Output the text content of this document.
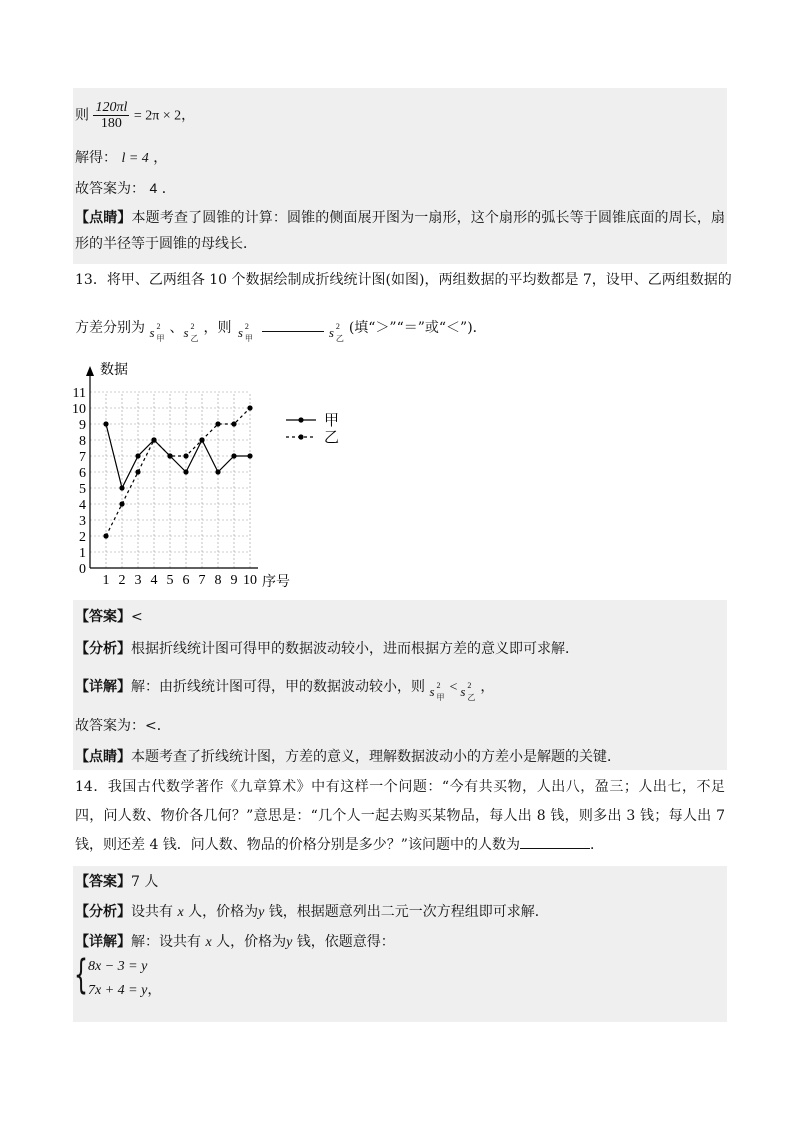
则 $\frac{120\pi l}{180} = 2\pi \times 2$，
解得： l = 4 ，
故答案为： 4 ．
【点睛】本题考查了圆锥的计算：圆锥的侧面展开图为一扇形，这个扇形的弧长等于圆锥底面的周长，扇形的半径等于圆锥的母线长．
13．将甲、乙两组各 10 个数据绘制成折线统计图(如图)，两组数据的平均数都是 7，设甲、乙两组数据的
方差分别为 s 2
甲
、 s 2
乙
，则 s 2
甲
	s 2
乙
(填“＞”“＝”或“＜”)．
0
1
2
3
4
5
6
7
8
9
10
11
1 2 3 4 5 6 7 8 9 10
甲
乙
数据
序号
【答案】<
【分析】根据折线统计图可得甲的数据波动较小，进而根据方差的意义即可求解．
【详解】解：由折线统计图可得，甲的数据波动较小，则 s 2
甲
< s 2
乙
，
故答案为：<．
【点睛】本题考查了折线统计图，方差的意义，理解数据波动小的方差小是解题的关键．
14．我国古代数学著作《九章算术》中有这样一个问题：“今有共买物，人出八，盈三；人出七，不足四，问人数、物价各几何？”意思是：“几个人一起去购买某物品，每人出 8 钱，则多出 3 钱；每人出 7 钱，则还差 4 钱．问人数、物品的价格分别是多少？”该问题中的人数为	．
【答案】7 人
【分析】设共有 x 人，价格为y 钱，根据题意列出二元一次方程组即可求解．
【详解】解：设共有 x 人，价格为y 钱，依题意得：
{ 8x − 3 = y
7x + 4 = y，
